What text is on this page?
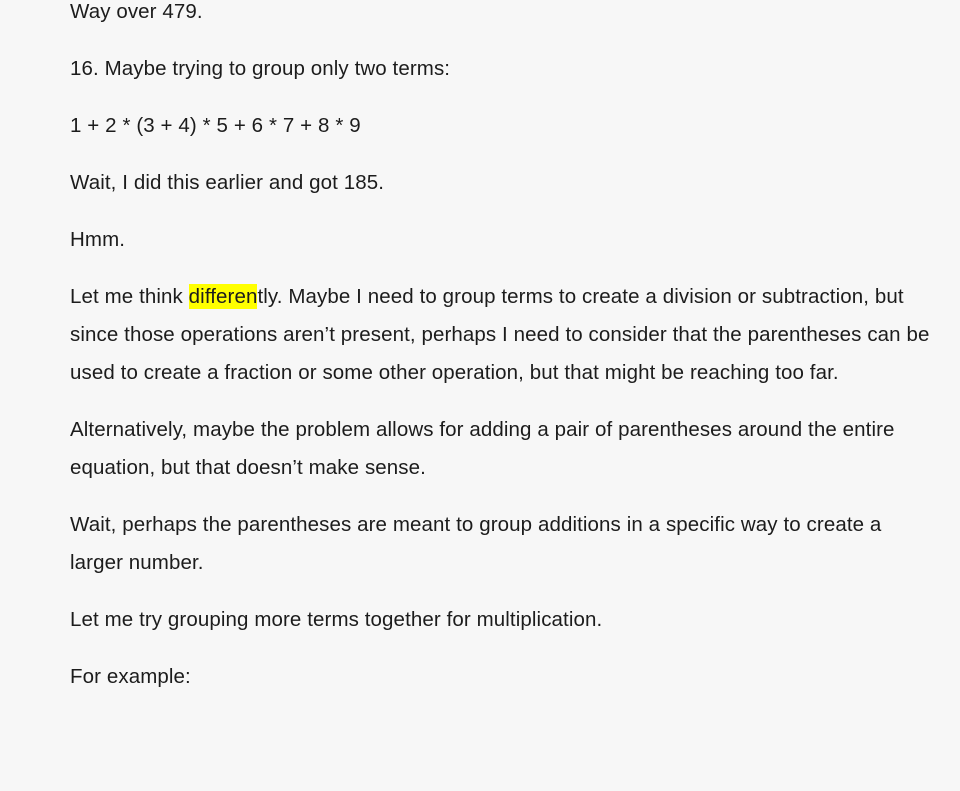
Way over 479.

16. Maybe trying to group only two terms:

1 + 2 * (3 + 4) * 5 + 6 * 7 + 8 * 9

Wait, I did this earlier and got 185.

Hmm.

Let me think differently. Maybe I need to group terms to create a division or subtraction, but since those operations aren’t present, perhaps I need to consider that the parentheses can be used to create a fraction or some other operation, but that might be reaching too far.

Alternatively, maybe the problem allows for adding a pair of parentheses around the entire equation, but that doesn’t make sense.

Wait, perhaps the parentheses are meant to group additions in a specific way to create a larger number.

Let me try grouping more terms together for multiplication.

For example:
